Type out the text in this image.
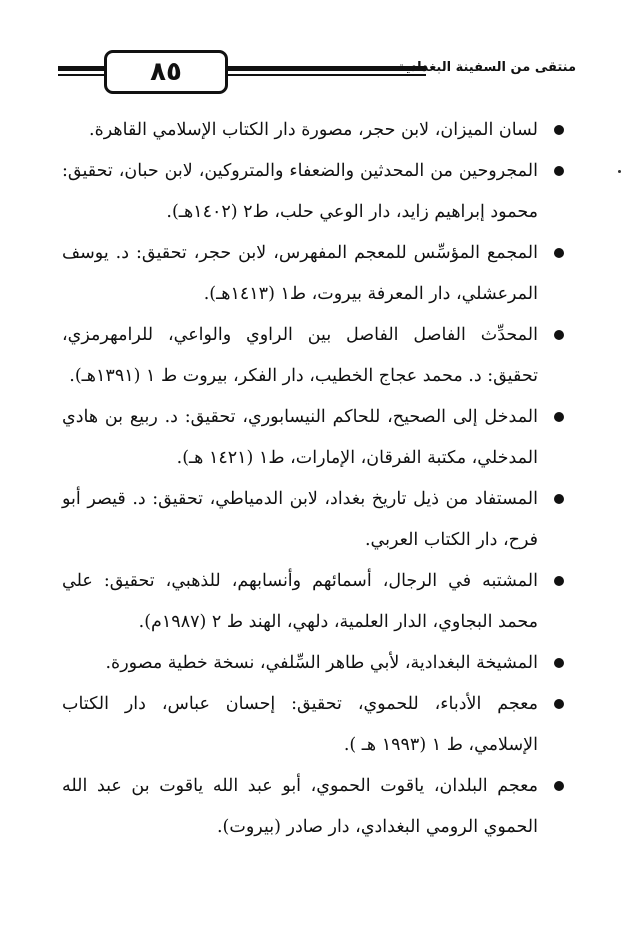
٨٥	منتقى من السفينة البغدادية
لسان الميزان، لابن حجر، مصورة دار الكتاب الإسلامي القاهرة.
المجروحين من المحدثين والضعفاء والمتروكين، لابن حبان، تحقيق: محمود إبراهيم زايد، دار الوعي حلب، ط٢ (١٤٠٢هـ).
المجمع المؤسِّس للمعجم المفهرس، لابن حجر، تحقيق: د. يوسف المرعشلي، دار المعرفة بيروت، ط١ (١٤١٣هـ).
المحدِّث الفاصل الفاصل بين الراوي والواعي، للرامهرمزي، تحقيق: د. محمد عجاج الخطيب، دار الفكر، بيروت ط ١ (١٣٩١هـ).
المدخل إلى الصحيح، للحاكم النيسابوري، تحقيق: د. ربيع بن هادي المدخلي، مكتبة الفرقان، الإمارات، ط١ (١٤٢١ هـ).
المستفاد من ذيل تاريخ بغداد، لابن الدمياطي، تحقيق: د. قيصر أبو فرح، دار الكتاب العربي.
المشتبه في الرجال، أسمائهم وأنسابهم، للذهبي، تحقيق: علي محمد البجاوي، الدار العلمية، دلهي، الهند ط ٢ (١٩٨٧م).
المشيخة البغدادية، لأبي طاهر السِّلفي، نسخة خطية مصورة.
معجم الأدباء، للحموي، تحقيق: إحسان عباس، دار الكتاب الإسلامي، ط ١ (١٩٩٣ هـ ).
معجم البلدان، ياقوت الحموي، أبو عبد الله ياقوت بن عبد الله الحموي الرومي البغدادي، دار صادر (بيروت).
